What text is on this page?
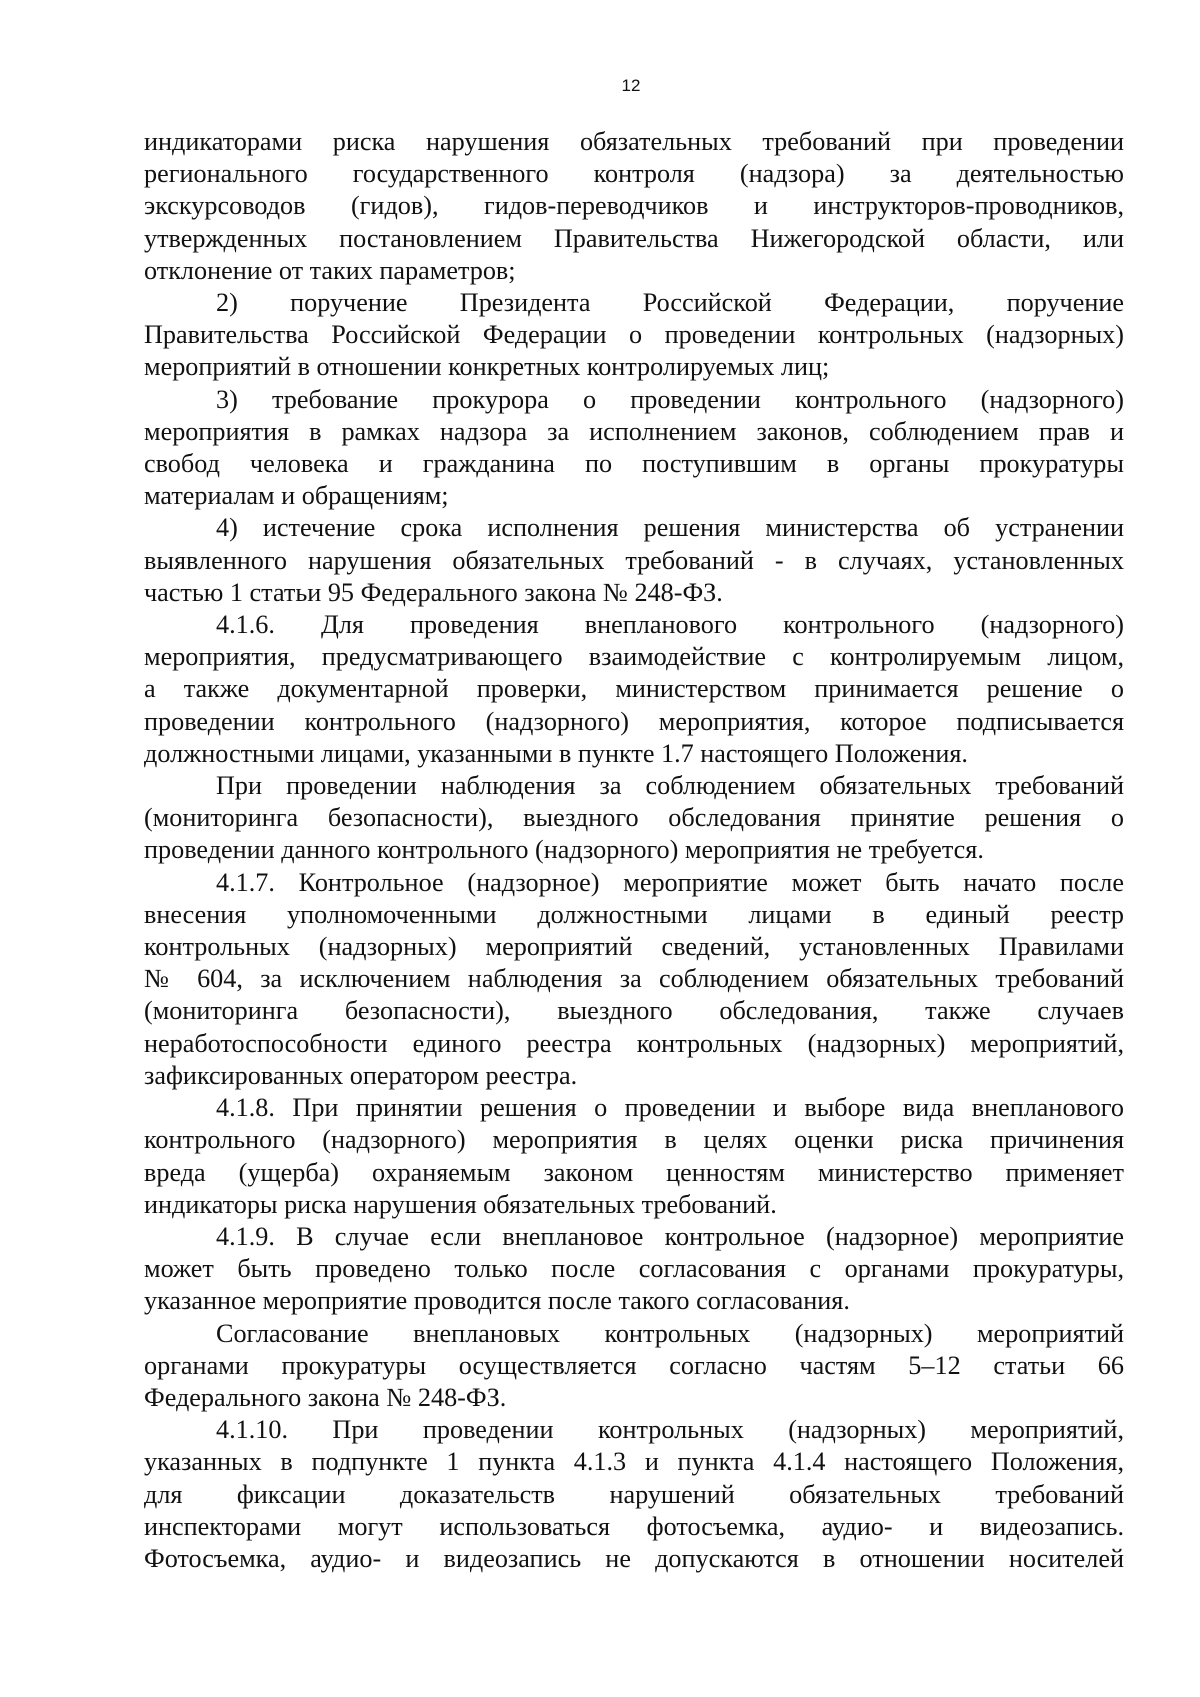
12
индикаторами риска нарушения обязательных требований при проведении
регионального государственного контроля (надзора) за деятельностью
экскурсоводов (гидов), гидов-переводчиков и инструкторов-проводников,
утвержденных постановлением Правительства Нижегородской области, или
отклонение от таких параметров;
2) поручение Президента Российской Федерации, поручение
Правительства Российской Федерации о проведении контрольных (надзорных)
мероприятий в отношении конкретных контролируемых лиц;
3) требование прокурора о проведении контрольного (надзорного)
мероприятия в рамках надзора за исполнением законов, соблюдением прав и
свобод человека и гражданина по поступившим в органы прокуратуры
материалам и обращениям;
4) истечение срока исполнения решения министерства об устранении
выявленного нарушения обязательных требований - в случаях, установленных
частью 1 статьи 95 Федерального закона № 248-ФЗ.
4.1.6. Для проведения внепланового контрольного (надзорного)
мероприятия, предусматривающего взаимодействие с контролируемым лицом,
а также документарной проверки, министерством принимается решение о
проведении контрольного (надзорного) мероприятия, которое подписывается
должностными лицами, указанными в пункте 1.7 настоящего Положения.
При проведении наблюдения за соблюдением обязательных требований
(мониторинга безопасности), выездного обследования принятие решения о
проведении данного контрольного (надзорного) мероприятия не требуется.
4.1.7. Контрольное (надзорное) мероприятие может быть начато после
внесения уполномоченными должностными лицами в единый реестр
контрольных (надзорных) мероприятий сведений, установленных Правилами
№ 604, за исключением наблюдения за соблюдением обязательных требований
(мониторинга безопасности), выездного обследования, также случаев
неработоспособности единого реестра контрольных (надзорных) мероприятий,
зафиксированных оператором реестра.
4.1.8. При принятии решения о проведении и выборе вида внепланового
контрольного (надзорного) мероприятия в целях оценки риска причинения
вреда (ущерба) охраняемым законом ценностям министерство применяет
индикаторы риска нарушения обязательных требований.
4.1.9. В случае если внеплановое контрольное (надзорное) мероприятие
может быть проведено только после согласования с органами прокуратуры,
указанное мероприятие проводится после такого согласования.
Согласование внеплановых контрольных (надзорных) мероприятий
органами прокуратуры осуществляется согласно частям 5–12 статьи 66
Федерального закона № 248-ФЗ.
4.1.10. При проведении контрольных (надзорных) мероприятий,
указанных в подпункте 1 пункта 4.1.3 и пункта 4.1.4 настоящего Положения,
для фиксации доказательств нарушений обязательных требований
инспекторами могут использоваться фотосъемка, аудио- и видеозапись.
Фотосъемка, аудио- и видеозапись не допускаются в отношении носителей
